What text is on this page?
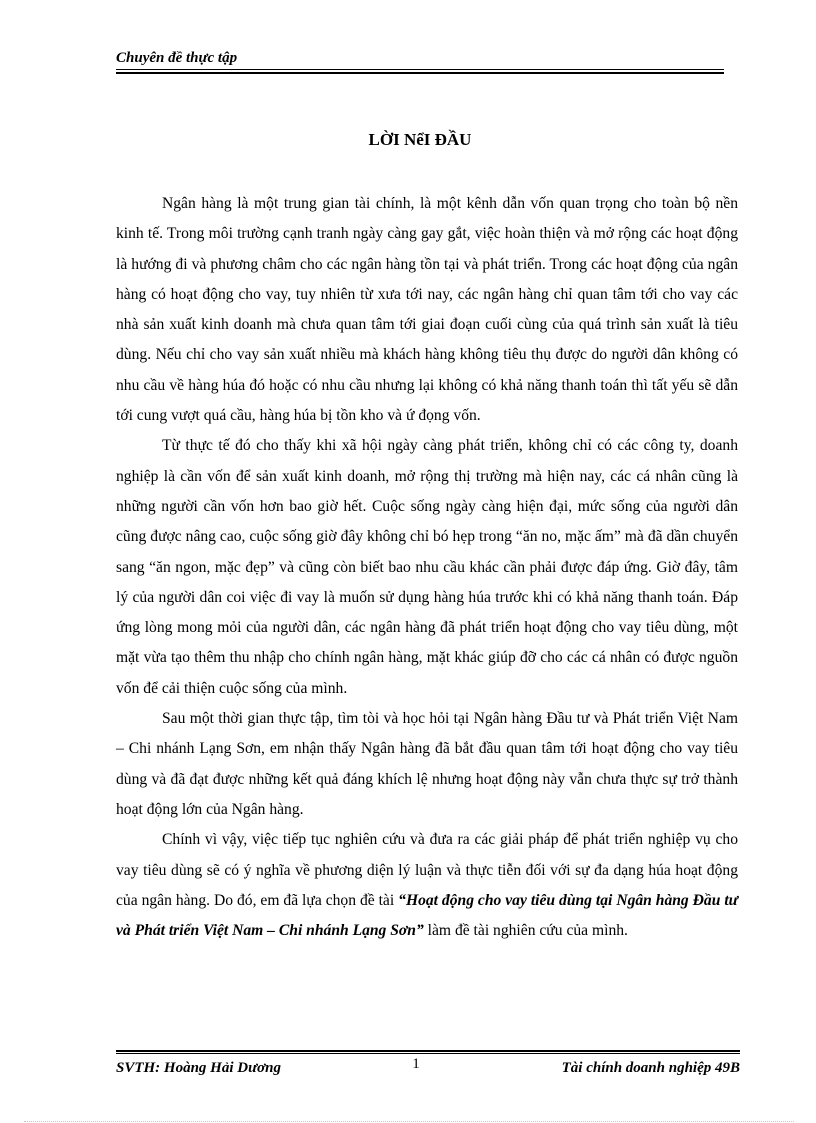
Chuyên đề thực tập
LỜI NểI ĐẦU

Ngân hàng là một trung gian tài chính, là một kênh dẫn vốn quan trọng cho toàn bộ nền kinh tế. Trong môi trường cạnh tranh ngày càng gay gắt, việc hoàn thiện và mở rộng các hoạt động là hướng đi và phương châm cho các ngân hàng tồn tại và phát triển. Trong các hoạt động của ngân hàng có hoạt động cho vay, tuy nhiên từ xưa tới nay, các ngân hàng chỉ quan tâm tới cho vay các nhà sản xuất kinh doanh mà chưa quan tâm tới giai đoạn cuối cùng của quá trình sản xuất là tiêu dùng. Nếu chỉ cho vay sản xuất nhiều mà khách hàng không tiêu thụ được do người dân không có nhu cầu về hàng húa đó hoặc có nhu cầu nhưng lại không có khả năng thanh toán thì tất yếu sẽ dẫn tới cung vượt quá cầu, hàng húa bị tồn kho và ứ đọng vốn.

Từ thực tế đó cho thấy khi xã hội ngày càng phát triển, không chỉ có các công ty, doanh nghiệp là cần vốn để sản xuất kinh doanh, mở rộng thị trường mà hiện nay, các cá nhân cũng là những người cần vốn hơn bao giờ hết. Cuộc sống ngày càng hiện đại, mức sống của người dân cũng được nâng cao, cuộc sống giờ đây không chỉ bó hẹp trong “ăn no, mặc ấm” mà đã dần chuyển sang “ăn ngon, mặc đẹp” và cũng còn biết bao nhu cầu khác cần phải được đáp ứng. Giờ đây, tâm lý của người dân coi việc đi vay là muốn sử dụng hàng húa trước khi có khả năng thanh toán. Đáp ứng lòng mong mỏi của người dân, các ngân hàng đã phát triển hoạt động cho vay tiêu dùng, một mặt vừa tạo thêm thu nhập cho chính ngân hàng, mặt khác giúp đỡ cho các cá nhân có được nguồn vốn để cải thiện cuộc sống của mình.

Sau một thời gian thực tập, tìm tòi và học hỏi tại Ngân hàng Đầu tư và Phát triển Việt Nam – Chi nhánh Lạng Sơn, em nhận thấy Ngân hàng đã bắt đầu quan tâm tới hoạt động cho vay tiêu dùng và đã đạt được những kết quả đáng khích lệ nhưng hoạt động này vẫn chưa thực sự trở thành hoạt động lớn của Ngân hàng.

Chính vì vậy, việc tiếp tục nghiên cứu và đưa ra các giải pháp để phát triển nghiệp vụ cho vay tiêu dùng sẽ có ý nghĩa về phương diện lý luận và thực tiễn đối với sự đa dạng húa hoạt động của ngân hàng. Do đó, em đã lựa chọn đề tài “Hoạt động cho vay tiêu dùng tại Ngân hàng Đầu tư và Phát triển Việt Nam – Chi nhánh Lạng Sơn” làm đề tài nghiên cứu của mình.

SVTH: Hoàng Hải Dương	1	Tài chính doanh nghiệp 49B
